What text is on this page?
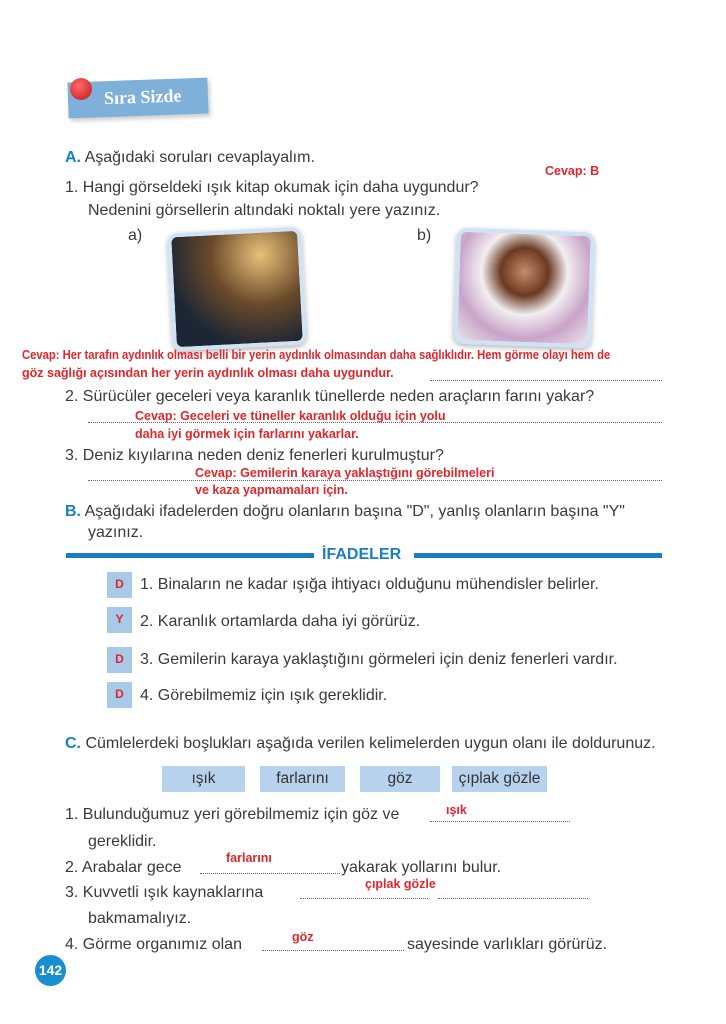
Sıra Sizde
A. Aşağıdaki soruları cevaplayalım.
Cevap: B
1. Hangi görseldeki ışık kitap okumak için daha uygundur?
Nedenini görsellerin altındaki noktalı yere yazınız.
a)	b)
Cevap: Her tarafın aydınlık olması belli bir yerin aydınlık olmasından daha sağlıklıdır. Hem görme olayı hem de
göz sağlığı açısından her yerin aydınlık olması daha uygundur.
2. Sürücüler geceleri veya karanlık tünellerde neden araçların farını yakar?
Cevap: Geceleri ve tüneller karanlık olduğu için yolu
daha iyi görmek için farlarını yakarlar.
3. Deniz kıyılarına neden deniz fenerleri kurulmuştur?
Cevap: Gemilerin karaya yaklaştığını görebilmeleri
ve kaza yapmamaları için.
B. Aşağıdaki ifadelerden doğru olanların başına "D", yanlış olanların başına "Y"
yazınız.
İFADELER
D	1. Binaların ne kadar ışığa ihtiyacı olduğunu mühendisler belirler.
Y	2. Karanlık ortamlarda daha iyi görürüz.
D	3. Gemilerin karaya yaklaştığını görmeleri için deniz fenerleri vardır.
D	4. Görebilmemiz için ışık gereklidir.
C. Cümlelerdeki boşlukları aşağıda verilen kelimelerden uygun olanı ile doldurunuz.
ışık	farlarını	göz	çıplak gözle
1. Bulunduğumuz yeri görebilmemiz için göz ve	ışık
gereklidir.
2. Arabalar gece
farlarını
yakarak yollarını bulur.
3. Kuvvetli ışık kaynaklarına	çıplak gözle
bakmamalıyız.
4. Görme organımız olan	göz	sayesinde varlıkları görürüz.
142
